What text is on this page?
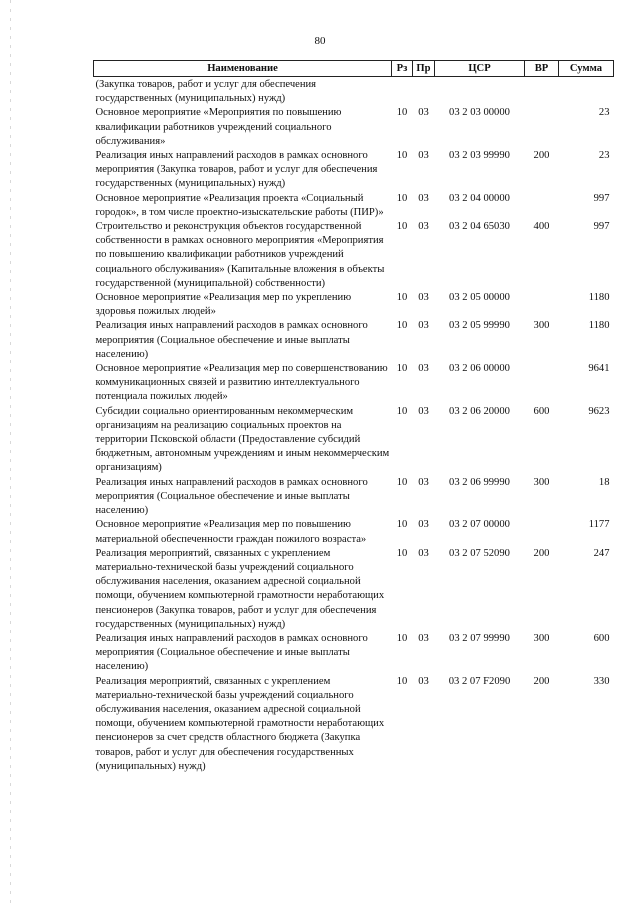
80
Наименование	Рз	Пр	ЦСР	ВР	Сумма
(Закупка товаров, работ и услуг для обеспечения государственных (муниципальных) нужд)					
Основное мероприятие «Мероприятия по повышению квалификации работников учреждений социального обслуживания»	10	03	03 2 03 00000		23
Реализация иных направлений расходов в рамках основного мероприятия (Закупка товаров, работ и услуг для обеспечения государственных (муниципальных) нужд)	10	03	03 2 03 99990	200	23
Основное мероприятие «Реализация проекта «Социальный городок», в том числе проектно-изыскательские работы (ПИР)»	10	03	03 2 04 00000		997
Строительство и реконструкция объектов государственной собственности в рамках основного мероприятия «Мероприятия по повышению квалификации работников учреждений социального обслуживания» (Капитальные вложения в объекты государственной (муниципальной) собственности)	10	03	03 2 04 65030	400	997
Основное мероприятие «Реализация мер по укреплению здоровья пожилых людей»	10	03	03 2 05 00000		1180
Реализация иных направлений расходов в рамках основного мероприятия (Социальное обеспечение и иные выплаты населению)	10	03	03 2 05 99990	300	1180
Основное мероприятие «Реализация мер по совершенствованию коммуникационных связей и развитию интеллектуального потенциала пожилых людей»	10	03	03 2 06 00000		9641
Субсидии социально ориентированным некоммерческим организациям на реализацию социальных проектов на территории Псковской области (Предоставление субсидий бюджетным, автономным учреждениям и иным некоммерческим организациям)	10	03	03 2 06 20000	600	9623
Реализация иных направлений расходов в рамках основного мероприятия (Социальное обеспечение и иные выплаты населению)	10	03	03 2 06 99990	300	18
Основное мероприятие «Реализация мер по повышению материальной обеспеченности граждан пожилого возраста»	10	03	03 2 07 00000		1177
Реализация мероприятий, связанных с укреплением материально-технической базы учреждений социального обслуживания населения, оказанием адресной социальной помощи, обучением компьютерной грамотности неработающих пенсионеров (Закупка товаров, работ и услуг для обеспечения государственных (муниципальных) нужд)	10	03	03 2 07 52090	200	247
Реализация иных направлений расходов в рамках основного мероприятия (Социальное обеспечение и иные выплаты населению)	10	03	03 2 07 99990	300	600
Реализация мероприятий, связанных с укреплением материально-технической базы учреждений социального обслуживания населения, оказанием адресной социальной помощи, обучением компьютерной грамотности неработающих пенсионеров за счет средств областного бюджета (Закупка товаров, работ и услуг для обеспечения государственных (муниципальных) нужд)	10	03	03 2 07 F2090	200	330
